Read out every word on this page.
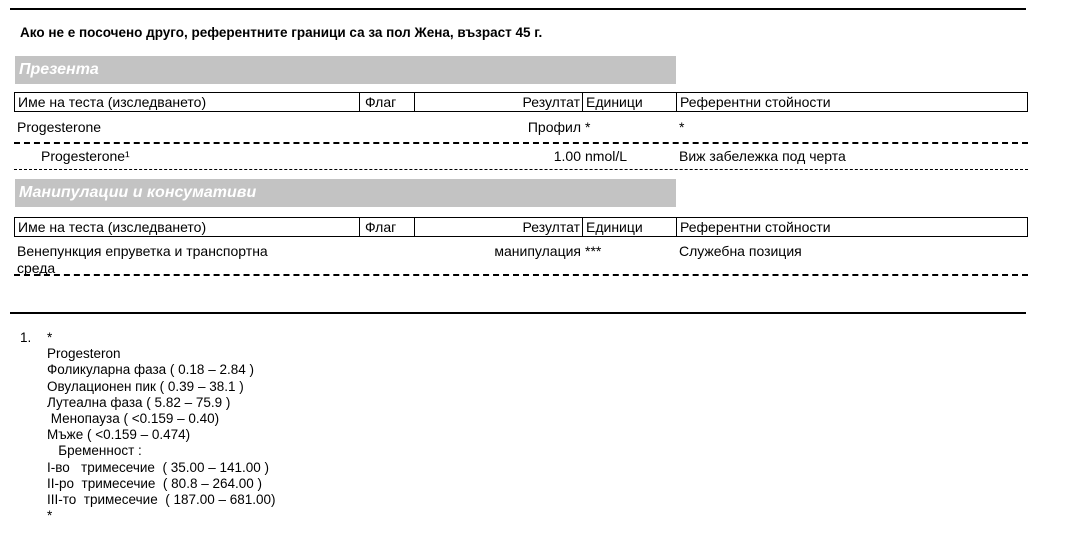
Ако не е посочено друго, референтните граници са за пол Жена, възраст 45 г.
Презента
Име на теста (изследването)	Флаг	Резултат Единици	Референтни стойности
Progesterone	Профил *	*
Progesterone¹	1.00 nmol/L	Виж забележка под черта
Манипулации и консумативи
Име на теста (изследването)	Флаг	Резултат Единици	Референтни стойности
Венепункция епруветка и транспортна
среда
манипулация ***	Служебна позиция
1. *
Progesteron
Фоликуларна фаза ( 0.18 – 2.84 )
Овулационен пик ( 0.39 – 38.1 )
Лутеална фаза ( 5.82 – 75.9 )
Менопауза ( <0.159 – 0.40)
Мъже ( <0.159 – 0.474)
Бременност :
I-во   тримесечие  ( 35.00 – 141.00 )
II-ро  тримесечие  ( 80.8 – 264.00 )
III-то  тримесечие  ( 187.00 – 681.00)
*
